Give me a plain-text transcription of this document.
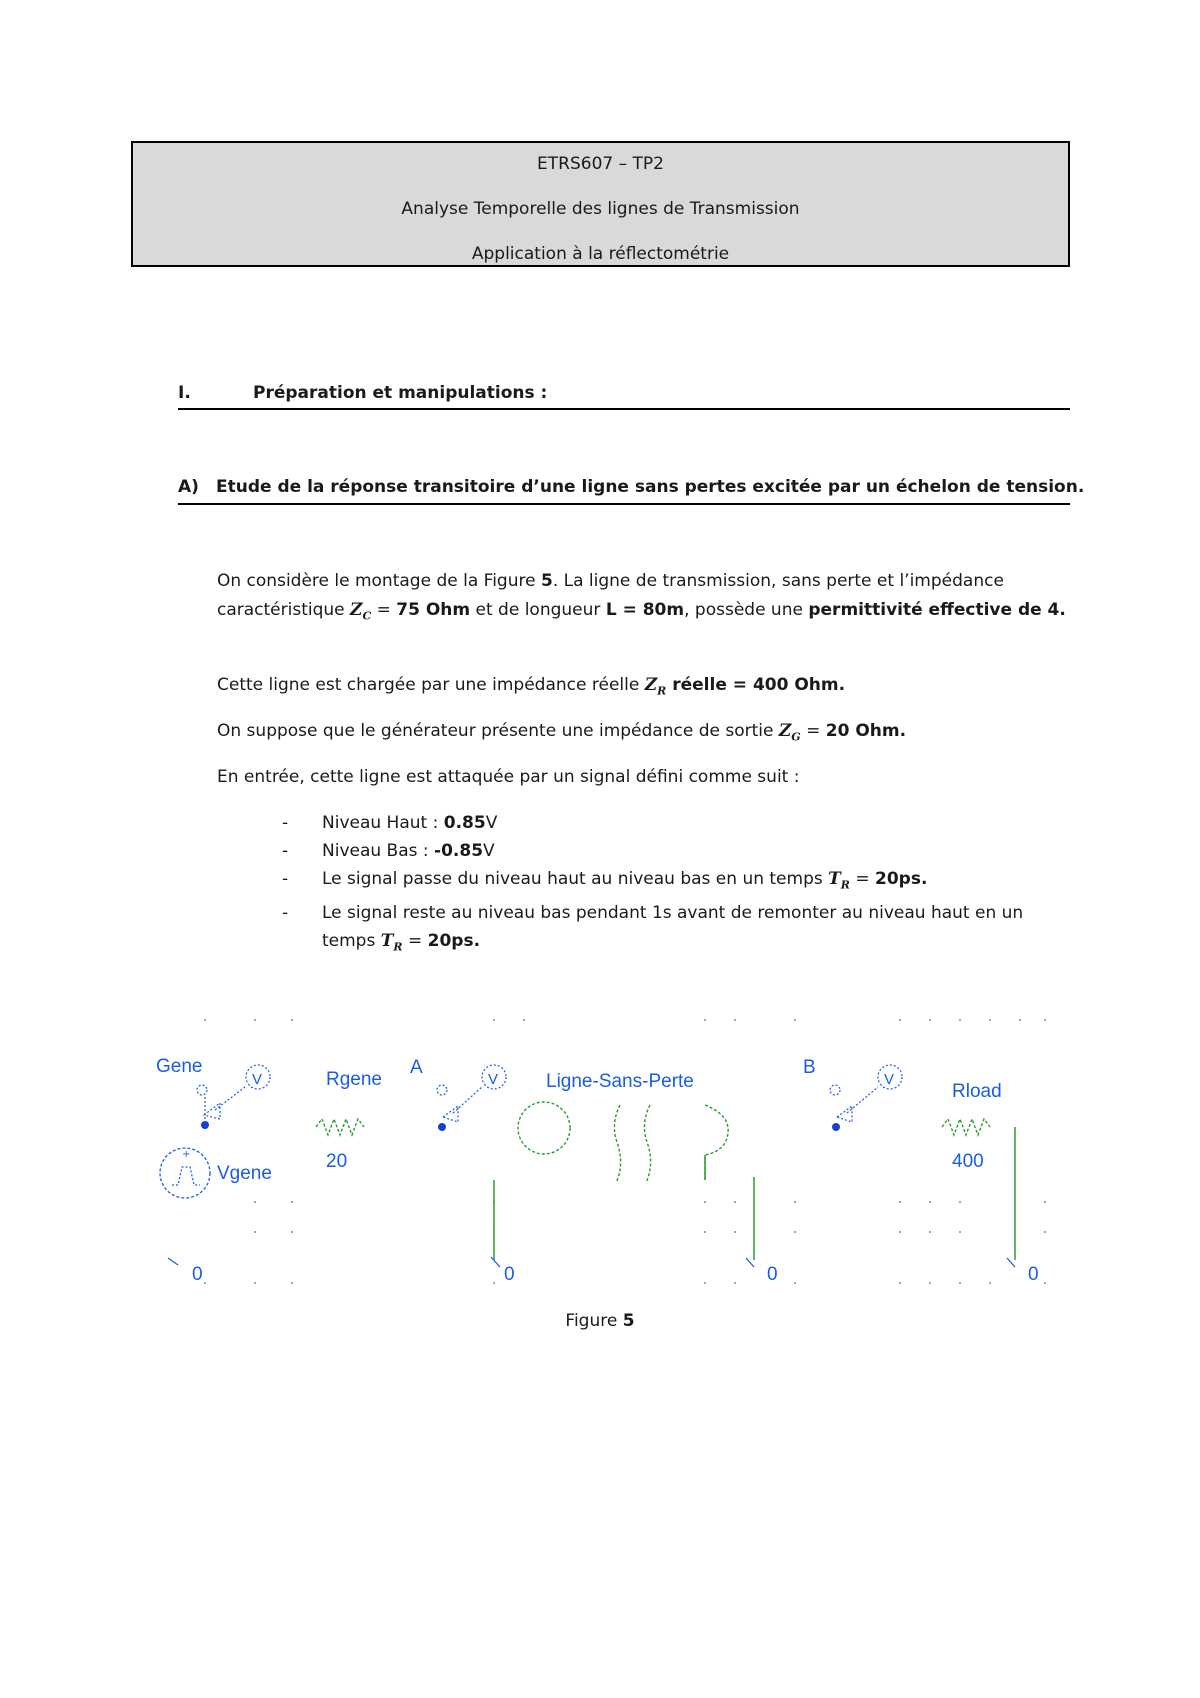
ETRS607 – TP2
Analyse Temporelle des lignes de Transmission
Application à la réflectométrie
I.	Préparation et manipulations :
A) Etude de la réponse transitoire d’une ligne sans pertes excitée par un échelon de tension.
On considère le montage de la Figure 5. La ligne de transmission, sans perte et l’impédance caractéristique $Z_C = 75$ Ohm et de longueur L = 80m, possède une permittivité effective de 4.
Cette ligne est chargée par une impédance réelle $Z_R$ réelle = 400 Ohm.
On suppose que le générateur présente une impédance de sortie $Z_G = 20$ Ohm.
En entrée, cette ligne est attaquée par un signal défini comme suit :
- Niveau Haut : 0.85V
- Niveau Bas : -0.85V
- Le signal passe du niveau haut au niveau bas en un temps $T_R = 20ps$.
- Le signal reste au niveau bas pendant 1s avant de remonter au niveau haut en un temps $T_R = 20ps$.
Gene
V
+
Vgene
0
Rgene
20
A
V
0
Ligne-Sans-Perte
0
B
V
Rload
400
0
Figure 5
